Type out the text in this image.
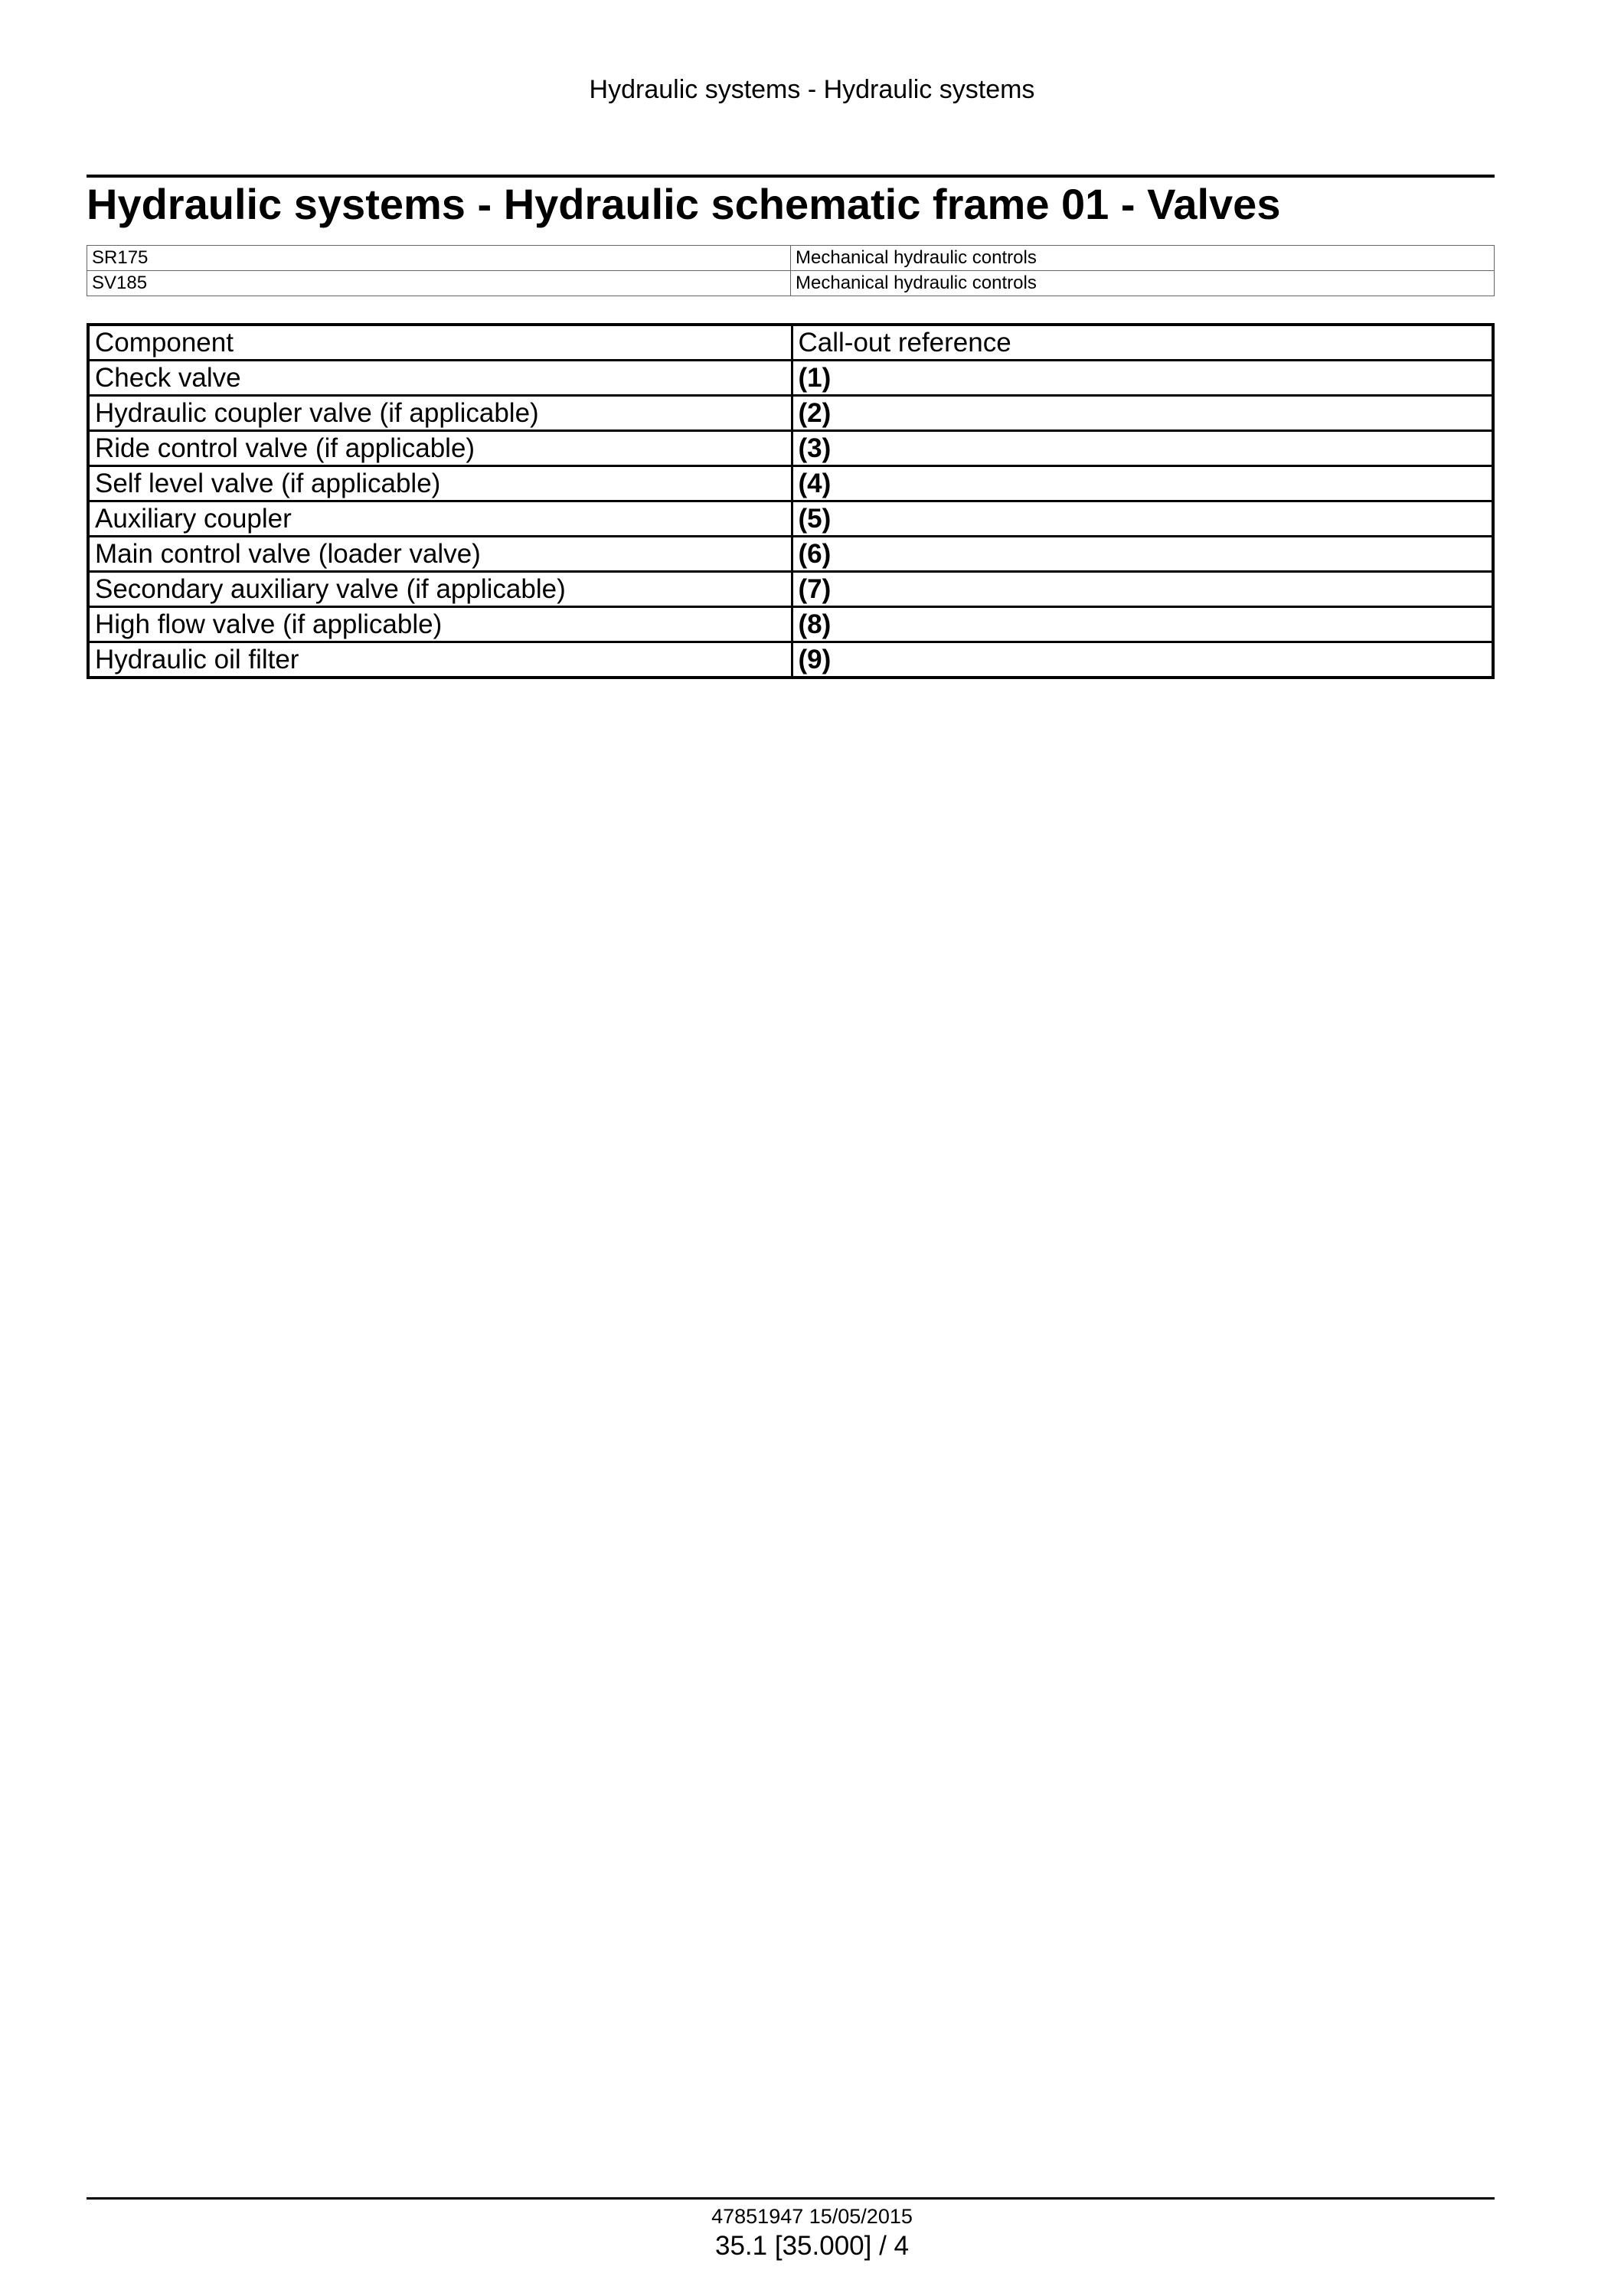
Hydraulic systems - Hydraulic systems
Hydraulic systems - Hydraulic schematic frame 01 - Valves
SR175	Mechanical hydraulic controls
SV185	Mechanical hydraulic controls
Component	Call-out reference
Check valve	(1)
Hydraulic coupler valve (if applicable)	(2)
Ride control valve (if applicable)	(3)
Self level valve (if applicable)	(4)
Auxiliary coupler	(5)
Main control valve (loader valve)	(6)
Secondary auxiliary valve (if applicable)	(7)
High flow valve (if applicable)	(8)
Hydraulic oil filter	(9)
47851947 15/05/2015
35.1 [35.000] / 4
